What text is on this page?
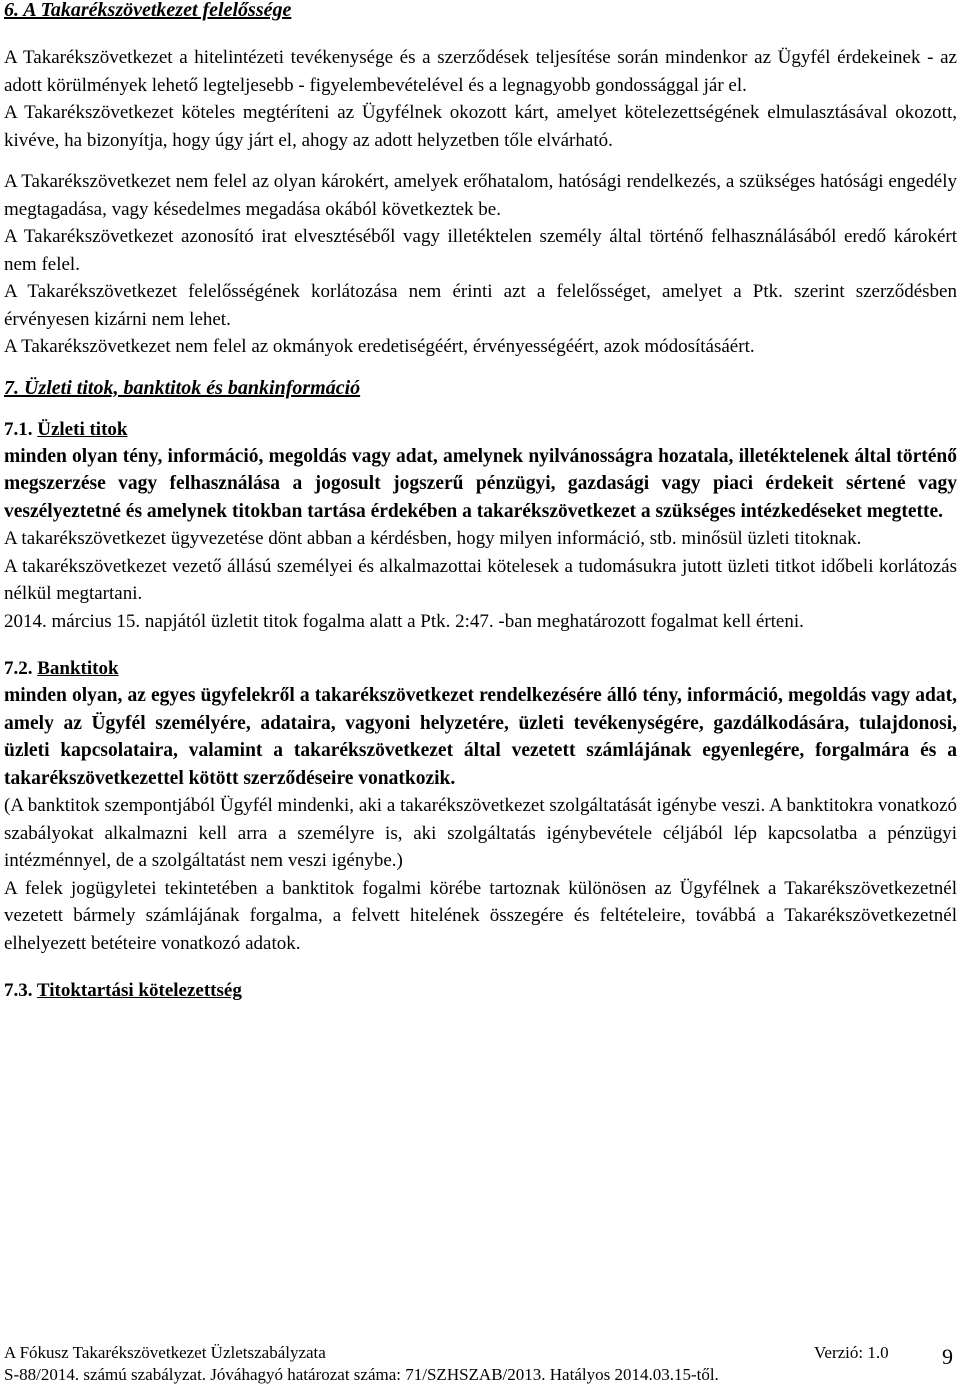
6. A Takarékszövetkezet felelőssége

A Takarékszövetkezet a hitelintézeti tevékenysége és a szerződések teljesítése során mindenkor az Ügyfél érdekeinek - az adott körülmények lehető legteljesebb - figyelembevételével és a legnagyobb gondossággal jár el.

A Takarékszövetkezet köteles megtéríteni az Ügyfélnek okozott kárt, amelyet kötelezettségének elmulasztásával okozott, kivéve, ha bizonyítja, hogy úgy járt el, ahogy az adott helyzetben tőle elvárható.

A Takarékszövetkezet nem felel az olyan károkért, amelyek erőhatalom, hatósági rendelkezés, a szükséges hatósági engedély megtagadása, vagy késedelmes megadása okából következtek be.

A Takarékszövetkezet azonosító irat elvesztéséből vagy illetéktelen személy által történő felhasználásából eredő károkért nem felel.

A Takarékszövetkezet felelősségének korlátozása nem érinti azt a felelősséget, amelyet a Ptk. szerint szerződésben érvényesen kizárni nem lehet.

A Takarékszövetkezet nem felel az okmányok eredetiségéért, érvényességéért, azok módosításáért.

7. Üzleti titok, banktitok és bankinformáció

7.1. Üzleti titok

minden olyan tény, információ, megoldás vagy adat, amelynek nyilvánosságra hozatala, illetéktelenek által történő megszerzése vagy felhasználása a jogosult jogszerű pénzügyi, gazdasági vagy piaci érdekeit sértené vagy veszélyeztetné és amelynek titokban tartása érdekében a takarékszövetkezet a szükséges intézkedéseket megtette.

A takarékszövetkezet ügyvezetése dönt abban a kérdésben, hogy milyen információ, stb. minősül üzleti titoknak.

A takarékszövetkezet vezető állású személyei és alkalmazottai kötelesek a tudomásukra jutott üzleti titkot időbeli korlátozás nélkül megtartani.

2014. március 15. napjától üzletit titok fogalma alatt a Ptk. 2:47. -ban meghatározott fogalmat kell érteni.

7.2. Banktitok

minden olyan, az egyes ügyfelekről a takarékszövetkezet rendelkezésére álló tény, információ, megoldás vagy adat, amely az Ügyfél személyére, adataira, vagyoni helyzetére, üzleti tevékenységére, gazdálkodására, tulajdonosi, üzleti kapcsolataira, valamint a takarékszövetkezet által vezetett számlájának egyenlegére, forgalmára és a takarékszövetkezettel kötött szerződéseire vonatkozik.

(A banktitok szempontjából Ügyfél mindenki, aki a takarékszövetkezet szolgáltatását igénybe veszi. A banktitokra vonatkozó szabályokat alkalmazni kell arra a személyre is, aki szolgáltatás igénybevétele céljából lép kapcsolatba a pénzügyi intézménnyel, de a szolgáltatást nem veszi igénybe.)

A felek jogügyletei tekintetében a banktitok fogalmi körébe tartoznak különösen az Ügyfélnek a Takarékszövetkezetnél vezetett bármely számlájának forgalma, a felvett hitelének összegére és feltételeire, továbbá a Takarékszövetkezetnél elhelyezett betéteire vonatkozó adatok.

7.3. Titoktartási kötelezettség

A Fókusz Takarékszövetkezet Üzletszabályzata	Verzió: 1.0
S-88/2014. számú szabályzat. Jóváhagyó határozat száma: 71/SZHSZAB/2013. Hatályos 2014.03.15-től.
9
